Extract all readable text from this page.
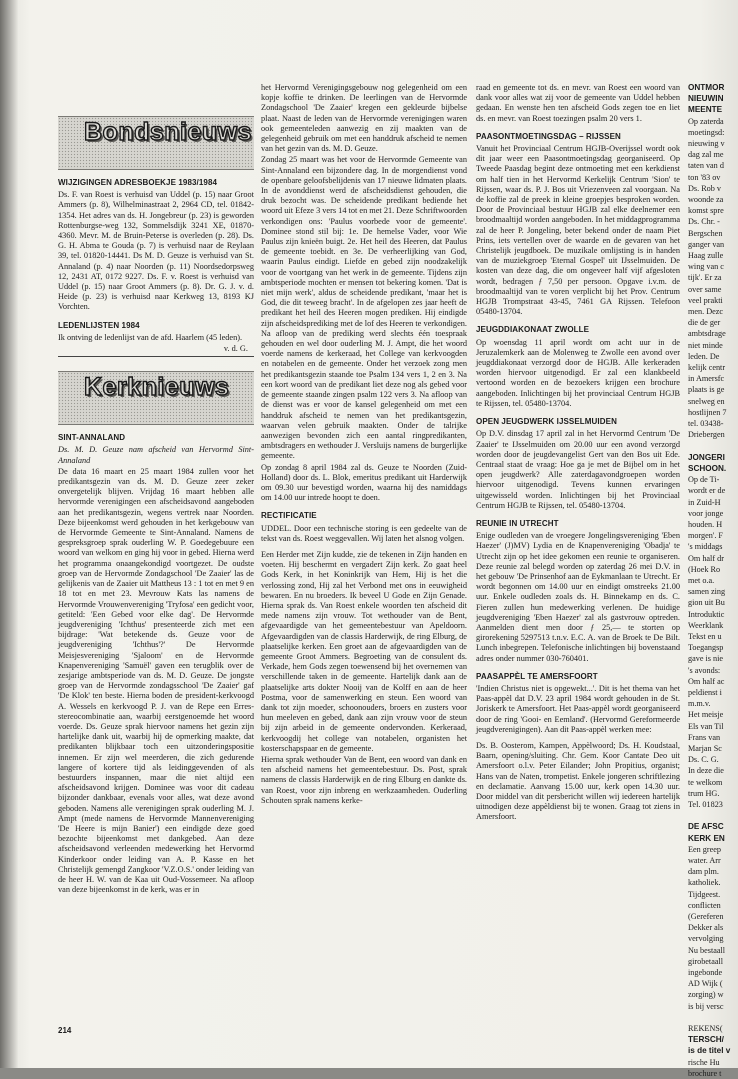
Bondsnieuws
WIJZIGINGEN ADRESBOEKJE 1983/1984

Ds. F. van Roest is verhuisd van Uddel (p. 15) naar Groot Ammers (p. 8), Wilhelminastraat 2, 2964 CD, tel. 01842-1354. Het adres van ds. H. Jongebreur (p. 23) is geworden Rottenburgse-weg 132, Sommelsdijk 3241 XE, 01870-4360. Mevr. M. de Bruin-Peterse is overleden (p. 28). Ds. G. H. Abma te Gouda (p. 7) is verhuisd naar de Reylaan 39, tel. 01820-14441. Ds M. D. Geuze is verhuisd van St. Annaland (p. 4) naar Noorden (p. 11) Noordsedorpsweg 12, 2431 AT, 0172 9227. Ds. F. v. Roest is verhuisd van Uddel (p. 15) naar Groot Ammers (p. 8). Dr. G. J. v. d. Heide (p. 23) is verhuisd naar Kerkweg 13, 8193 KJ Vorchten.

LEDENLIJSTEN 1984

Ik ontving de ledenlijst van de afd. Haarlem (45 leden).

v. d. G.

Kerknieuws
SINT-ANNALAND

Ds. M. D. Geuze nam afscheid van Hervormd Sint-Annaland

De data 16 maart en 25 maart 1984 zullen voor het predikantsgezin van ds. M. D. Geuze zeer zeker onvergetelijk blijven. Vrijdag 16 maart hebben alle hervormde verenigingen een afscheidsavond aangeboden aan het predikantsgezin, wegens vertrek naar Noorden. Deze bijeenkomst werd gehouden in het kerkgebouw van de Hervormde Gemeente te Sint-Annaland. Namens de gespreksgroep sprak ouderling W. P. Goedegebuure een woord van welkom en ging hij voor in gebed. Hierna werd het programma onaangekondigd voortgezet. De oudste groep van de Hervormde Zondagschool 'De Zaaier' las de gelijkenis van de Zaaier uit Mattheus 13 : 1 tot en met 9 en 18 tot en met 23. Mevrouw Kats las namens de Hervormde Vrouwenvereniging 'Tryfosa' een gedicht voor, getiteld: 'Een Gebed voor elke dag'. De Hervormde jeugdvereniging 'Ichthus' presenteerde zich met een bijdrage: 'Wat betekende ds. Geuze voor de jeugdvereniging 'Ichthus'?' De Hervormde Meisjesvereniging 'Sjaloom' en de Hervormde Knapenvereniging 'Samuël' gaven een terugblik over de zesjarige ambtsperiode van ds. M. D. Geuze. De jongste groep van de Hervormde zondagsschool 'De Zaaier' gaf 'De Klok' ten beste. Hierna boden de president-kerkvoogd A. Wessels en kerkvoogd P. J. van de Repe een Erres-stereocombinatie aan, waarbij eerstgenoemde het woord voerde. Ds. Geuze sprak hiervoor namens het gezin zijn hartelijke dank uit, waarbij hij de opmerking maakte, dat predikanten blijkbaar toch een uitzonderingspositie innemen. Er zijn wel meerderen, die zich gedurende langere of kortere tijd als leidinggevenden of als bestuurders inspannen, maar die niet altijd een afscheidsavond krijgen. Dominee was voor dit cadeau bijzonder dankbaar, evenals voor alles, wat deze avond geboden. Namens alle verenigingen sprak ouderling M. J. Ampt (mede namens de Hervormde Mannenvereniging 'De Heere is mijn Banier') een eindigde deze goed bezochte bijeenkomst met dankgebed. Aan deze afscheidsavond verleenden medewerking het Hervormd Kinderkoor onder leiding van A. P. Kasse en het Christelijk gemengd Zangkoor 'V.Z.O.S.' onder leiding van de heer H. W. van de Kaa uit Oud-Vossemeer. Na afloop van deze bijeenkomst in de kerk, was er in

het Hervormd Verenigingsgebouw nog gelegenheid om een kopje koffie te drinken. De leerlingen van de Hervormde Zondagschool 'De Zaaier' kregen een gekleurde bijbelse plaat. Naast de leden van de Hervormde verenigingen waren ook gemeenteleden aanwezig en zij maakten van de gelegenheid gebruik om met een handdruk afscheid te nemen van het gezin van ds. M. D. Geuze.

Zondag 25 maart was het voor de Hervormde Gemeente van Sint-Annaland een bijzondere dag. In de morgendienst vond de openbare geloofsbelijdenis van 17 nieuwe lidmaten plaats. In de avonddienst werd de afscheidsdienst gehouden, die druk bezocht was. De scheidende predikant bediende het woord uit Efeze 3 vers 14 tot en met 21. Deze Schriftwoorden verkondigen ons: 'Paulus voorbede voor de gemeente'. Dominee stond stil bij: 1e. De hemelse Vader, voor Wie Paulus zijn knieën buigt. 2e. Het heil des Heeren, dat Paulus de gemeente toebidt. en 3e. De verheerlijking van God, waarin Paulus eindigt. Liefde en gebed zijn noodzakelijk voor de voortgang van het werk in de gemeente. Tijdens zijn ambtsperiode mochten er mensen tot bekering komen. 'Dat is niet mijn werk', aldus de scheidende predikant, 'maar het is God, die dit teweeg bracht'. In de afgelopen zes jaar heeft de predikant het heil des Heeren mogen prediken. Hij eindigde zijn afscheidsprediking met de lof des Heeren te verkondigen. Na afloop van de prediking werd slechts één toespraak gehouden en wel door ouderling M. J. Ampt, die het woord voerde namens de kerkeraad, het College van kerkvoogden en notabelen en de gemeente. Onder het verzoek zong men het predikantsgezin staande toe Psalm 134 vers 1, 2 en 3. Na een kort woord van de predikant liet deze nog als gebed voor de gemeente staande zingen psalm 122 vers 3. Na afloop van de dienst was er voor de kansel gelegenheid om met een handdruk afscheid te nemen van het predikantsgezin, waarvan velen gebruik maakten. Onder de talrijke aanwezigen bevonden zich een aantal ringpredikanten, ambtsdragers en wethouder J. Versluijs namens de burgerlijke gemeente.

Op zondag 8 april 1984 zal ds. Geuze te Noorden (Zuid-Holland) door ds. L. Blok, emeritus predikant uit Harderwijk om 09.30 uur bevestigd worden, waarna hij des namiddags om 14.00 uur intrede hoopt te doen.

RECTIFICATIE

UDDEL. Door een technische storing is een gedeelte van de tekst van ds. Roest weggevallen. Wij laten het alsnog volgen.

Een Herder met Zijn kudde, zie de tekenen in Zijn handen en voeten. Hij beschermt en vergadert Zijn kerk. Zo gaat heel Gods Kerk, in het Koninkrijk van Hem, Hij is het die verlossing zond, Hij zal het Verbond met ons in eeuwigheid bewaren. En nu broeders. Ik beveel U Gode en Zijn Genade. Hierna sprak ds. Van Roest enkele woorden ten afscheid dit mede namens zijn vrouw. Tot wethouder van de Bent, afgevaardigde van het gemeentebestuur van Apeldoorn. Afgevaardigden van de classis Harderwijk, de ring Elburg, de plaatselijke kerken. Een groet aan de afgevaardigden van de gemeente Groot Ammers. Begroeting van de consulent ds. Verkade, hem Gods zegen toewensend bij het overnemen van verschillende taken in de gemeente. Hartelijk dank aan de plaatselijke arts dokter Nooij van de Kolff en aan de heer Postma, voor de samenwerking en steun. Een woord van dank tot zijn moeder, schoonouders, broers en zusters voor hun meeleven en gebed, dank aan zijn vrouw voor de steun bij zijn arbeid in de gemeente ondervonden. Kerkeraad, kerkvoogdij het college van notabelen, organisten het kosterschapspaar en de gemeente.

Hierna sprak wethouder Van de Bent, een woord van dank en ten afscheid namens het gemeentebestuur. Ds. Post, sprak namens de classis Harderwijk en de ring Elburg en dankte ds. van Roest, voor zijn inbreng en werkzaamheden. Ouderling Schouten sprak namens kerke-

raad en gemeente tot ds. en mevr. van Roest een woord van dank voor alles wat zij voor de gemeente van Uddel hebben gedaan. En wenste hen ten afscheid Gods zegen toe en liet ds. en mevr. van Roest toezingen psalm 20 vers 1.

PAASONTMOETINGSDAG – RIJSSEN

Vanuit het Provinciaal Centrum HGJB-Overijssel wordt ook dit jaar weer een Paasontmoetingsdag georganiseerd. Op Tweede Paasdag begint deze ontmoeting met een kerkdienst om half tien in het Hervormd Kerkelijk Centrum 'Sion' te Rijssen, waar ds. P. J. Bos uit Vriezenveen zal voorgaan. Na de koffie zal de preek in kleine groepjes besproken worden. Door de Provinciaal bestuur HGJB zal elke deelnemer een broodmaaltijd worden aangeboden. In het middagprogramma zal de heer P. Jongeling, beter bekend onder de naam Piet Prins, iets vertellen over de waarde en de gevaren van het Christelijk jeugdboek. De muzikale omlijsting is in handen van de muziekgroep 'Eternal Gospel' uit IJsselmuiden. De kosten van deze dag, die om ongeveer half vijf afgesloten wordt, bedragen ƒ 7,50 per persoon. Opgave i.v.m. de broodmaaltijd van te voren verplicht bij het Prov. Centrum HGJB Trompstraat 43-45, 7461 GA Rijssen. Telefoon 05480-13704.

JEUGDDIAKONAAT ZWOLLE

Op woensdag 11 april wordt om acht uur in de Jeruzalemkerk aan de Molenweg te Zwolle een avond over jeugddiakonaat verzorgd door de HGJB. Alle kerkeraden worden hiervoor uitgenodigd. Er zal een klankbeeld vertoond worden en de bezoekers krijgen een brochure aangeboden. Inlichtingen bij het provinciaal Centrum HGJB te Rijssen, tel. 05480-13704.

OPEN JEUGDWERK IJSSELMUIDEN

Op D.V. dinsdag 17 april zal in het Hervormd Centrum 'De Zaaier' te IJsselmuiden om 20.00 uur een avond verzorgd worden door de jeugdevangelist Gert van den Bos uit Ede. Centraal staat de vraag: Hoe ga je met de Bijbel om in het open jeugdwerk? Alle zaterdagavondgroepen worden hiervoor uitgenodigd. Tevens kunnen ervaringen uitgewisseld worden. Inlichtingen bij het Provinciaal Centrum HGJB te Rijssen, tel. 05480-13704.

REUNIE IN UTRECHT

Enige oudleden van de vroegere Jongelingsvereniging 'Eben Haezer' (J)MV) Lydia en de Knapenvereniging 'Obadja' te Utrecht zijn op het idee gekomen een reunie te organiseren. Deze reunie zal belegd worden op zaterdag 26 mei D.V. in het gebouw 'De Prinsenhof aan de Eykmanlaan te Utrecht. Er wordt begonnen om 14.00 uur en eindigt omstreeks 21.00 uur. Enkele oudleden zoals ds. H. Binnekamp en ds. C. Fieren zullen hun medewerking verlenen. De huidige jeugdvereniging 'Eben Haezer' zal als gastvrouw optreden. Aanmelden dient men door ƒ 25,— te storten op girorekening 5297513 t.n.v. E.C. A. van de Broek te De Bilt. Lunch inbegrepen. Telefonische inlichtingen bij bovenstaand adres onder nummer 030-760401.

PAASAPPÈL TE AMERSFOORT

'Indien Christus niet is opgewekt...'. Dit is het thema van het Paas-appèl dat D.V. 23 april 1984 wordt gehouden in de St. Joriskerk te Amersfoort. Het Paas-appèl wordt georganiseerd door de ring 'Gooi- en Eemland'. (Hervormd Gereformeerde jeugdverenigingen). Aan dit Paas-appèl werken mee:

Ds. B. Oosterom, Kampen, Appèlwoord; Ds. H. Koudstaal, Baarn, opening/sluiting. Chr. Gem. Koor Cantate Deo uit Amersfoort o.l.v. Peter Eilander; John Propitius, organist; Hans van de Naten, trompetist. Enkele jongeren schriftlezing en declamatie. Aanvang 15.00 uur, kerk open 14.30 uur. Door middel van dit persbericht willen wij iedereen hartelijk uitnodigen deze appèldienst bij te wonen. Graag tot ziens in Amersfoort.

ONTMOR

NIEUWIN

MEENTE

Op zaterda

moetingsd:

nieuwing v

dag zal me

taten van d

ton '83 ov

Ds. Rob v

woonde za

komst spre

Ds. Chr. -

Bergschen

ganger van

Haag zulle

wing van c

tijk'. Er za

over same

veel prakti

men. Dezc

die de ger

ambtsdrage

niet minde

leden. De

kelijk centr

in Amersfc

plaats is ge

snelweg en

hostlijnen 7

tel. 03438-

Driebergen

JONGERI

SCHOON.

Op de Ti-

wordt er de

in Zuid-H

voor jonge

houden. H

morgen'. F

's middags

Om half dr

(Hoek Ro

met o.a.

samen zing

gion uit Bu

Introduktic

Weerklank

Tekst en u

Toegangsp

gave is nie

's avonds:

Om half ac

peldienst i

m.m.v.

Het meisje

Els van Til

Frans van

Marjan Sc

Ds. C. G.

In deze die

te welkom

trum HG.

Tel. 01823

DE AFSC

KERK EN

Een greep

water. Arr

dam plm.

katholiek.

Tijdgeest.

conflicten

(Gereferen

Dekker als

vervolging

Nu bestaall

girobetaall

ingebonde

AD Wijk (

zorging) w

is bij versc

REKENS(

TERSCH/

is de titel v

rische Hu

brochure t

214
